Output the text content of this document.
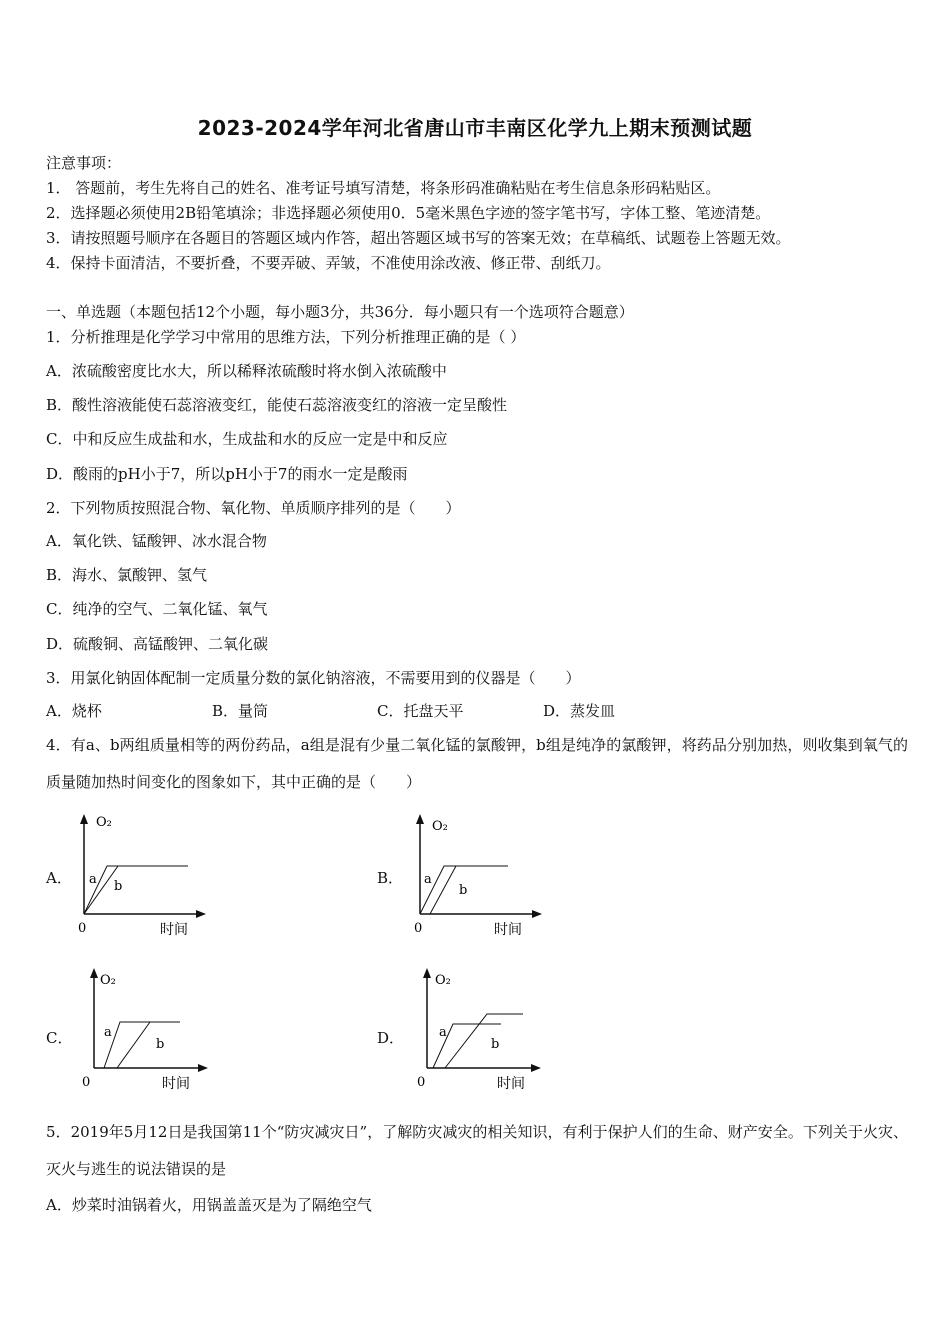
2023-2024学年河北省唐山市丰南区化学九上期末预测试题
注意事项：
1． 答题前，考生先将自己的姓名、准考证号填写清楚，将条形码准确粘贴在考生信息条形码粘贴区。
2．选择题必须使用2B铅笔填涂；非选择题必须使用0．5毫米黑色字迹的签字笔书写，字体工整、笔迹清楚。
3．请按照题号顺序在各题目的答题区域内作答，超出答题区域书写的答案无效；在草稿纸、试题卷上答题无效。
4．保持卡面清洁，不要折叠，不要弄破、弄皱，不准使用涂改液、修正带、刮纸刀。
一、单选题（本题包括12个小题，每小题3分，共36分．每小题只有一个选项符合题意）
1．分析推理是化学学习中常用的思维方法，下列分析推理正确的是（ ）
A．浓硫酸密度比水大，所以稀释浓硫酸时将水倒入浓硫酸中
B．酸性溶液能使石蕊溶液变红，能使石蕊溶液变红的溶液一定呈酸性
C．中和反应生成盐和水，生成盐和水的反应一定是中和反应
D．酸雨的pH小于7，所以pH小于7的雨水一定是酸雨
2．下列物质按照混合物、氧化物、单质顺序排列的是（　　）
A．氧化铁、锰酸钾、冰水混合物
B．海水、氯酸钾、氢气
C．纯净的空气、二氧化锰、氧气
D．硫酸铜、高锰酸钾、二氧化碳
3．用氯化钠固体配制一定质量分数的氯化钠溶液，不需要用到的仪器是（　　）
A．烧杯	B．量筒	C．托盘天平	D．蒸发皿
4．有a、b两组质量相等的两份药品，a组是混有少量二氧化锰的氯酸钾，b组是纯净的氯酸钾，将药品分别加热，则收集到氧气的质量随加热时间变化的图象如下，其中正确的是（　　）
A．
O₂
a b
0	时间
B．
O₂
a
b
0	时间
C．
O₂
a
b
0	时间
D．
O₂
a
b
0	时间
5．2019年5月12日是我国第11个“防灾减灾日”，了解防灾减灾的相关知识，有利于保护人们的生命、财产安全。下列关于火灾、灭火与逃生的说法错误的是
A．炒菜时油锅着火，用锅盖盖灭是为了隔绝空气
